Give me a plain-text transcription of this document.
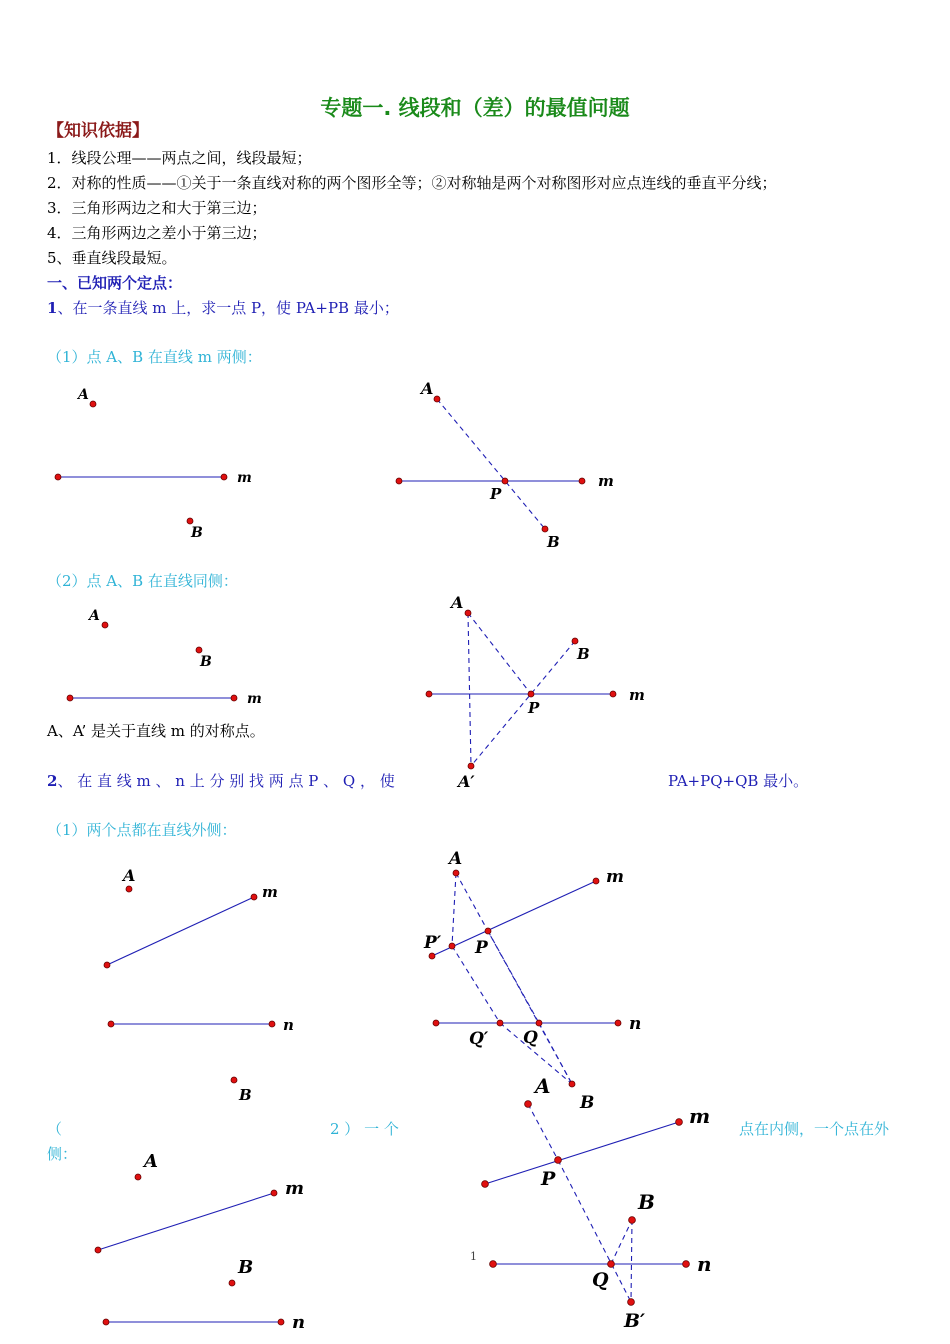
专题一. 线段和（差）的最值问题
【知识依据】
1．线段公理——两点之间，线段最短；
2．对称的性质——①关于一条直线对称的两个图形全等；②对称轴是两个对称图形对应点连线的垂直平分线；
3．三角形两边之和大于第三边；
4．三角形两边之差小于第三边；
5、垂直线段最短。
一、已知两个定点：
1、在一条直线 m 上，求一点 P，使 PA+PB 最小；
（1）点 A、B 在直线 m 两侧：
（2）点 A、B 在直线同侧：
A、A’ 是关于直线 m 的对称点。
2、 在 直 线 m 、 n 上 分 别 找 两 点 P 、 Q ， 使	PA+PQ+QB 最小。
（1）两个点都在直线外侧：
（	2 ） 一 个	点在内侧，一个点在外
侧：
1
A
m
B
A
m
P
B
A
B
m
A
B
m
P
A′
A
m
n
B
A
m
P′ P
n
Q′ Q
B
A
m
B
n
A
m
P
B
n
Q
B′
